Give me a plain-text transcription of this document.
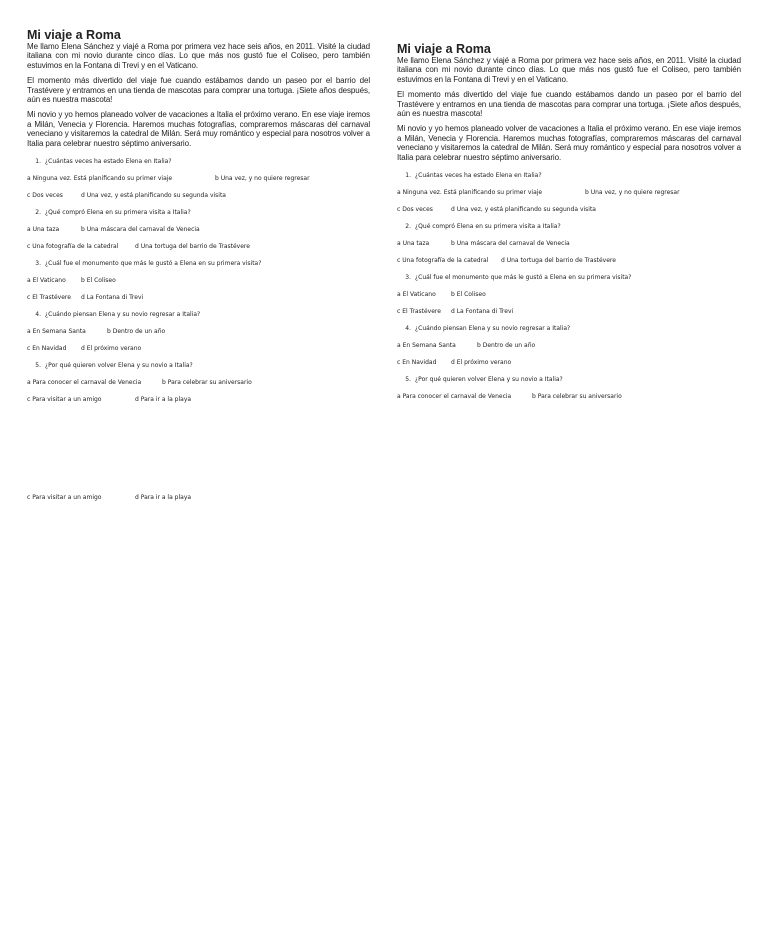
Mi viaje a Roma

Me llamo Elena Sánchez y viajé a Roma por primera vez hace seis años, en 2011. Visité la ciudad italiana con mi novio durante cinco días. Lo que más nos gustó fue el Coliseo, pero también estuvimos en la Fontana di Trevi y en el Vaticano.

El momento más divertido del viaje fue cuando estábamos dando un paseo por el barrio del Trastévere y entramos en una tienda de mascotas para comprar una tortuga. ¡Siete años después, aún es nuestra mascota!

Mi novio y yo hemos planeado volver de vacaciones a Italia el próximo verano. En ese viaje iremos a Milán, Venecia y Florencia. Haremos muchas fotografías, compraremos máscaras del carnaval veneciano y visitaremos la catedral de Milán. Será muy romántico y especial para nosotros volver a Italia para celebrar nuestro séptimo aniversario.

1. ¿Cuántas veces ha estado Elena en Italia?
a Ninguna vez. Está planificando su primer viaje	b Una vez, y no quiere regresar
c Dos veces	d Una vez, y está planificando su segunda visita
2. ¿Qué compró Elena en su primera visita a Italia?
a Una taza	b Una máscara del carnaval de Venecia
c Una fotografía de la catedral	d Una tortuga del barrio de Trastévere
3. ¿Cuál fue el monumento que más le gustó a Elena en su primera visita?
a El Vaticano	b El Coliseo
c El Trastévere d La Fontana di Trevi
4. ¿Cuándo piensan Elena y su novio regresar a Italia?
a En Semana Santa	b Dentro de un año
c En Navidad d El próximo verano
5. ¿Por qué quieren volver Elena y su novio a Italia?
a Para conocer el carnaval de Venecia	b Para celebrar su aniversario
c Para visitar a un amigo	d Para ir a la playa
c Para visitar a un amigo	d Para ir a la playa
Mi viaje a Roma

Me llamo Elena Sánchez y viajé a Roma por primera vez hace seis años, en 2011. Visité la ciudad italiana con mi novio durante cinco días. Lo que más nos gustó fue el Coliseo, pero también estuvimos en la Fontana di Trevi y en el Vaticano.

El momento más divertido del viaje fue cuando estábamos dando un paseo por el barrio del Trastévere y entramos en una tienda de mascotas para comprar una tortuga. ¡Siete años después, aún es nuestra mascota!

Mi novio y yo hemos planeado volver de vacaciones a Italia el próximo verano. En ese viaje iremos a Milán, Venecia y Florencia. Haremos muchas fotografías, compraremos máscaras del carnaval veneciano y visitaremos la catedral de Milán. Será muy romántico y especial para nosotros volver a Italia para celebrar nuestro séptimo aniversario.

1. ¿Cuántas veces ha estado Elena en Italia?
a Ninguna vez. Está planificando su primer viaje	b Una vez, y no quiere regresar
c Dos veces	d Una vez, y está planificando su segunda visita
2. ¿Qué compró Elena en su primera visita a Italia?
a Una taza	b Una máscara del carnaval de Venecia
c Una fotografía de la catedral d Una tortuga del barrio de Trastévere
3. ¿Cuál fue el monumento que más le gustó a Elena en su primera visita?
a El Vaticano	b El Coliseo
c El Trastévere d La Fontana di Trevi
4. ¿Cuándo piensan Elena y su novio regresar a Italia?
a En Semana Santa	b Dentro de un año
c En Navidad d El próximo verano
5. ¿Por qué quieren volver Elena y su novio a Italia?
a Para conocer el carnaval de Venecia	b Para celebrar su aniversario
